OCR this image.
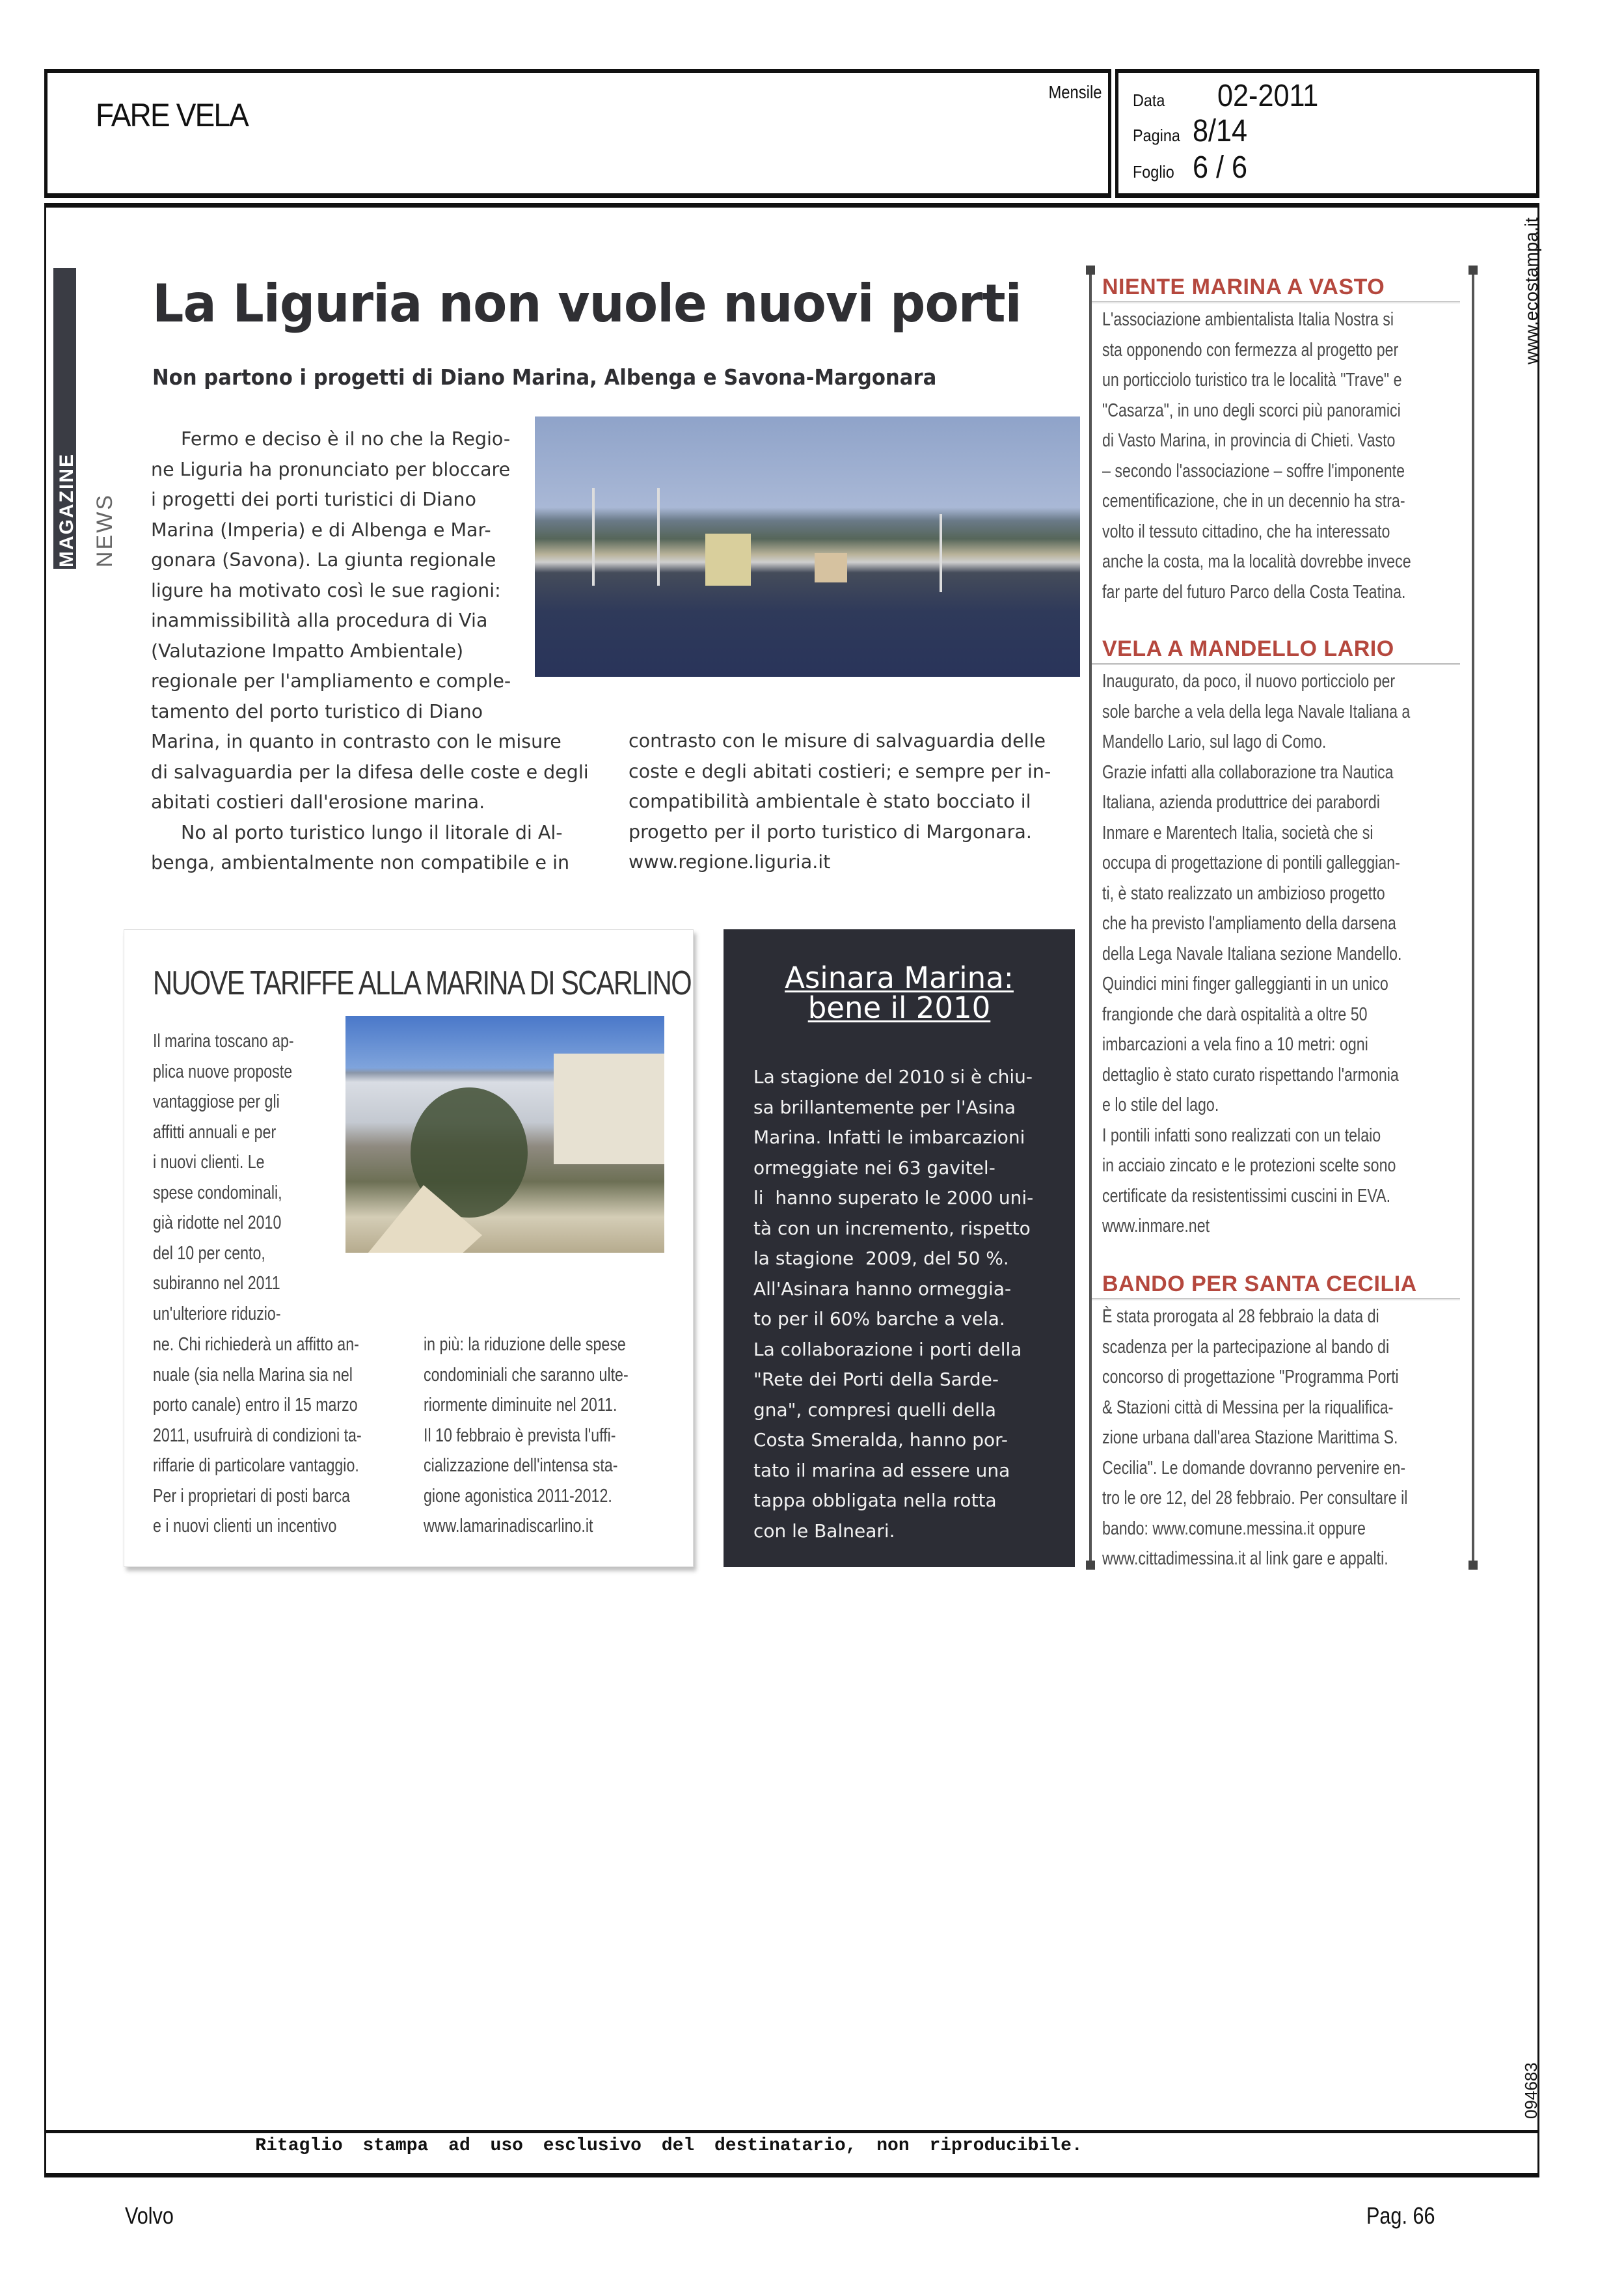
FARE VELA
Mensile Data	02-2011
Pagina 8/14
Foglio 6 / 6
Ritaglio stampa ad uso esclusivo del destinatario, non riproducibile.
www.ecostampa.it
094683
MAGAZINE NEWS
La Liguria non vuole nuovi porti
Non partono i progetti di Diano Marina, Albenga e Savona-Margonara
Fermo e deciso è il no che la Regio-
ne Liguria ha pronunciato per bloccare
i progetti dei porti turistici di Diano
Marina (Imperia) e di Albenga e Mar-
gonara (Savona). La giunta regionale
ligure ha motivato così le sue ragioni:
inammissibilità alla procedura di Via
(Valutazione Impatto Ambientale)
regionale per l'ampliamento e comple-
tamento del porto turistico di Diano
Marina, in quanto in contrasto con le misure
di salvaguardia per la difesa delle coste e degli
abitati costieri dall'erosione marina.
No al porto turistico lungo il litorale di Al-
benga, ambientalmente non compatibile e in
contrasto con le misure di salvaguardia delle
coste e degli abitati costieri; e sempre per in-
compatibilità ambientale è stato bocciato il
progetto per il porto turistico di Margonara.
www.regione.liguria.it
NUOVE TARIFFE ALLA MARINA DI SCARLINO
Il marina toscano ap-
plica nuove proposte
vantaggiose per gli
affitti annuali e per
i nuovi clienti. Le
spese condominali,
già ridotte nel 2010
del 10 per cento,
subiranno nel 2011
un'ulteriore riduzio-
ne. Chi richiederà un affitto an-
nuale (sia nella Marina sia nel
porto canale) entro il 15 marzo
2011, usufruirà di condizioni ta-
riffarie di particolare vantaggio.
Per i proprietari di posti barca
e i nuovi clienti un incentivo
in più: la riduzione delle spese
condominiali che saranno ulte-
riormente diminuite nel 2011.
Il 10 febbraio è prevista l'uffi-
cializzazione dell'intensa sta-
gione agonistica 2011-2012.
www.lamarinadiscarlino.it
Asinara Marina:
bene il 2010
La stagione del 2010 si è chiu-
sa brillantemente per l'Asina
Marina. Infatti le imbarcazioni
ormeggiate nei 63 gavitel-
li  hanno superato le 2000 uni-
tà con un incremento, rispetto
la stagione  2009, del 50 %.
All'Asinara hanno ormeggia-
to per il 60% barche a vela.
La collaborazione i porti della
"Rete dei Porti della Sarde-
gna", compresi quelli della
Costa Smeralda, hanno por-
tato il marina ad essere una
tappa obbligata nella rotta
con le Balneari.
NIENTE MARINA A VASTO
L'associazione ambientalista Italia Nostra si
sta opponendo con fermezza al progetto per
un porticciolo turistico tra le località "Trave" e
"Casarza", in uno degli scorci più panoramici
di Vasto Marina, in provincia di Chieti. Vasto
– secondo l'associazione – soffre l'imponente
cementificazione, che in un decennio ha stra-
volto il tessuto cittadino, che ha interessato
anche la costa, ma la località dovrebbe invece
far parte del futuro Parco della Costa Teatina.
VELA A MANDELLO LARIO
Inaugurato, da poco, il nuovo porticciolo per
sole barche a vela della lega Navale Italiana a
Mandello Lario, sul lago di Como.
Grazie infatti alla collaborazione tra Nautica
Italiana, azienda produttrice dei parabordi
Inmare e Marentech Italia, società che si
occupa di progettazione di pontili galleggian-
ti, è stato realizzato un ambizioso progetto
che ha previsto l'ampliamento della darsena
della Lega Navale Italiana sezione Mandello.
Quindici mini finger galleggianti in un unico
frangionde che darà ospitalità a oltre 50
imbarcazioni a vela fino a 10 metri: ogni
dettaglio è stato curato rispettando l'armonia
e lo stile del lago.
I pontili infatti sono realizzati con un telaio
in acciaio zincato e le protezioni scelte sono
certificate da resistentissimi cuscini in EVA.
www.inmare.net
BANDO PER SANTA CECILIA
È stata prorogata al 28 febbraio la data di
scadenza per la partecipazione al bando di
concorso di progettazione "Programma Porti
& Stazioni città di Messina per la riqualifica-
zione urbana dall'area Stazione Marittima S.
Cecilia". Le domande dovranno pervenire en-
tro le ore 12, del 28 febbraio. Per consultare il
bando: www.comune.messina.it oppure
www.cittadimessina.it al link gare e appalti.
Volvo	Pag. 66
